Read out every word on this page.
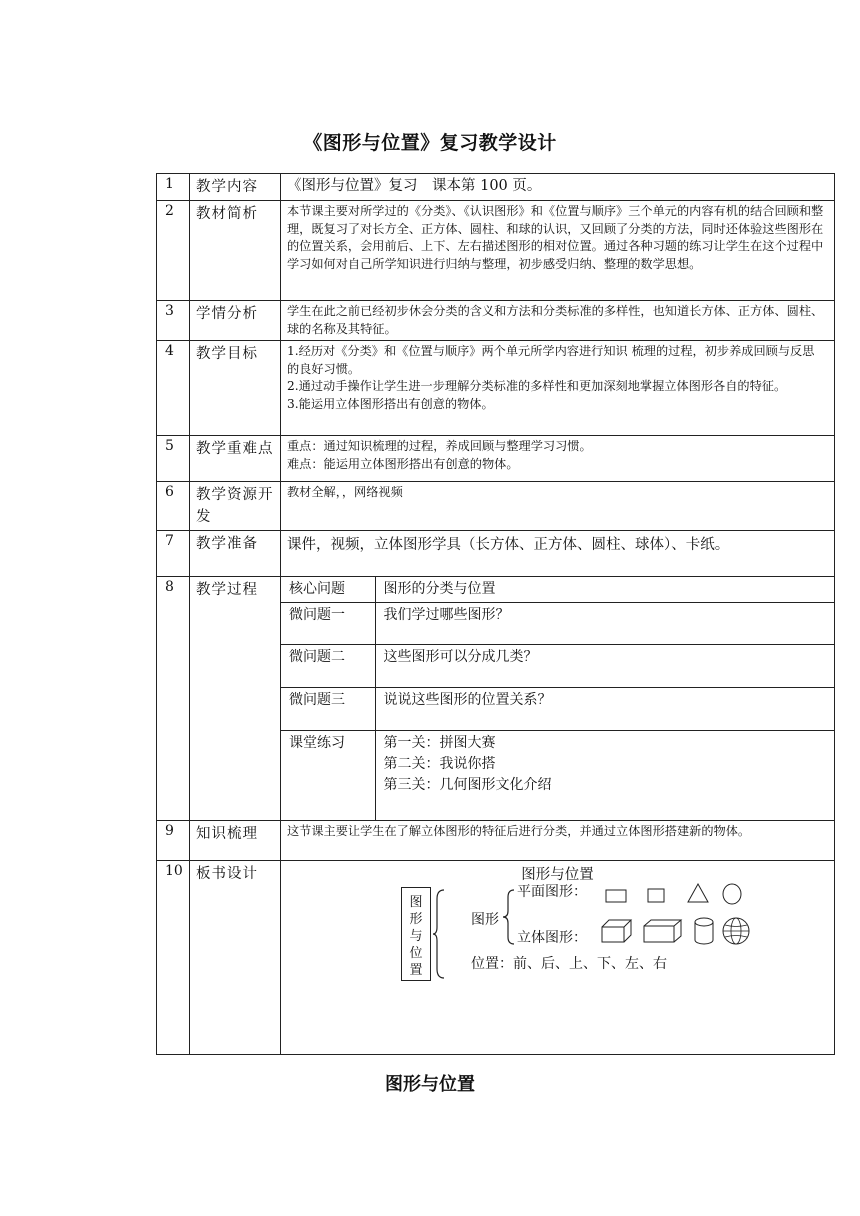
《图形与位置》复习教学设计
1	教学内容	《图形与位置》复习　课本第 100 页。
2	教材简析	本节课主要对所学过的《分类》、《认识图形》和《位置与顺序》三个单元的内容有机的结合回顾和整理，既复习了对长方全、正方体、圆柱、和球的认识，又回顾了分类的方法，同时还体验这些图形在的位置关系，会用前后、上下、左右描述图形的相对位置。通过各种习题的练习让学生在这个过程中学习如何对自己所学知识进行归纳与整理，初步感受归纳、整理的数学思想。
3	学情分析	学生在此之前已经初步休会分类的含义和方法和分类标准的多样性，也知道长方体、正方体、圆柱、球的名称及其特征。
4	教学目标	1.经历对《分类》和《位置与顺序》两个单元所学内容进行知识 梳理的过程，初步养成回顾与反思 的良好习惯。
2.通过动手操作让学生进一步理解分类标准的多样性和更加深刻地掌握立体图形各自的特征。
3.能运用立体图形搭出有创意的物体。

5	教学重难点	重点：通过知识梳理的过程，养成回顾与整理学习习惯。
难点：能运用立体图形搭出有创意的物体。

6	教学资源开发	教材全解，，网络视频
7	教学准备	课件，视频，立体图形学具（长方体、正方体、圆柱、球体）、卡纸。
8	教学过程	核心问题	图形的分类与位置
微问题一	我们学过哪些图形？
微问题二	这些图形可以分成几类？
微问题三	说说这些图形的位置关系？
课堂练习	第一关：拼图大赛
第二关：我说你搭
第三关：几何图形文化介绍

9	知识梳理	这节课主要让学生在了解立体图形的特征后进行分类，并通过立体图形搭建新的物体。
10	板书设计	图形与位置
图
形
与
位
置
图形
平面图形：
立体图形：
位置：前、后、上、下、左、右
图形与位置
